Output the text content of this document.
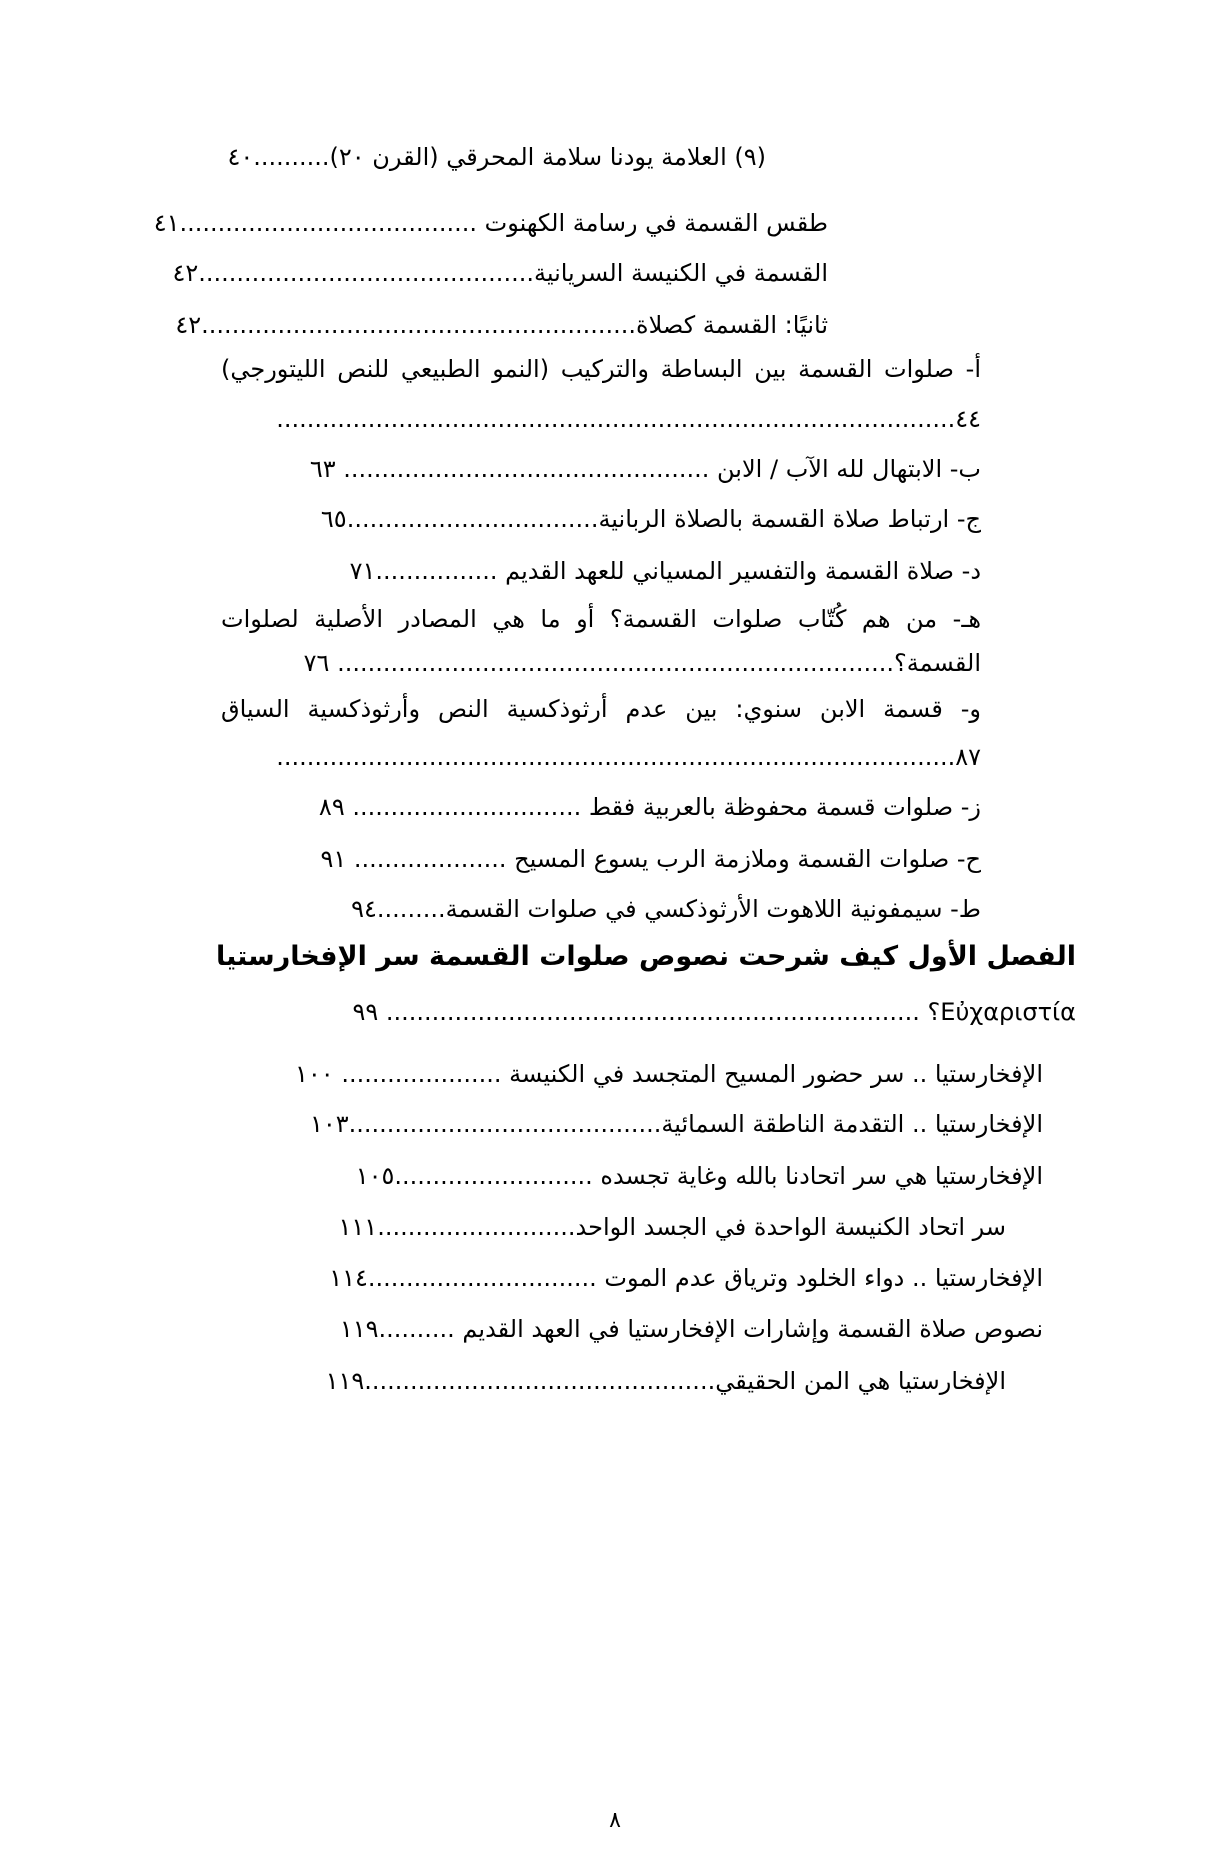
(٩) العلامة يودنا سلامة المحرقي (القرن ٢٠)..........٤٠
طقس القسمة في رسامة الكهنوت .......................................٤١
القسمة في الكنيسة السريانية............................................٤٢
ثانيًا: القسمة كصلاة.........................................................٤٢
أ- صلوات القسمة بين البساطة والتركيب (النمو الطبيعي للنص الليتورجي)
٤٤.........................................................................................
ب- الابتهال لله الآب / الابن ................................................ ٦٣
ج- ارتباط صلاة القسمة بالصلاة الربانية.................................٦٥
د- صلاة القسمة والتفسير المسياني للعهد القديم ................٧١
هـ- من هم كُتّاب صلوات القسمة؟ أو ما هي المصادر الأصلية لصلوات
القسمة؟......................................................................... ٧٦
و- قسمة الابن سنوي: بين عدم أرثوذكسية النص وأرثوذكسية السياق
٨٧.........................................................................................
ز- صلوات قسمة محفوظة بالعربية فقط .............................. ٨٩
ح- صلوات القسمة وملازمة الرب يسوع المسيح .................... ٩١
ط- سيمفونية اللاهوت الأرثوذكسي في صلوات القسمة.........٩٤
الفصل الأول كيف شرحت نصوص صلوات القسمة سر الإفخارستيا
Εὐχαριστία؟ ...................................................................... ٩٩
الإفخارستيا .. سر حضور المسيح المتجسد في الكنيسة ..................... ١٠٠
الإفخارستيا .. التقدمة الناطقة السمائية.........................................١٠٣
الإفخارستيا هي سر اتحادنا بالله وغاية تجسده ..........................١٠٥
سر اتحاد الكنيسة الواحدة في الجسد الواحد..........................١١١
الإفخارستيا .. دواء الخلود وترياق عدم الموت ..............................١١٤
نصوص صلاة القسمة وإشارات الإفخارستيا في العهد القديم ..........١١٩
الإفخارستيا هي المن الحقيقي..............................................١١٩
٨
